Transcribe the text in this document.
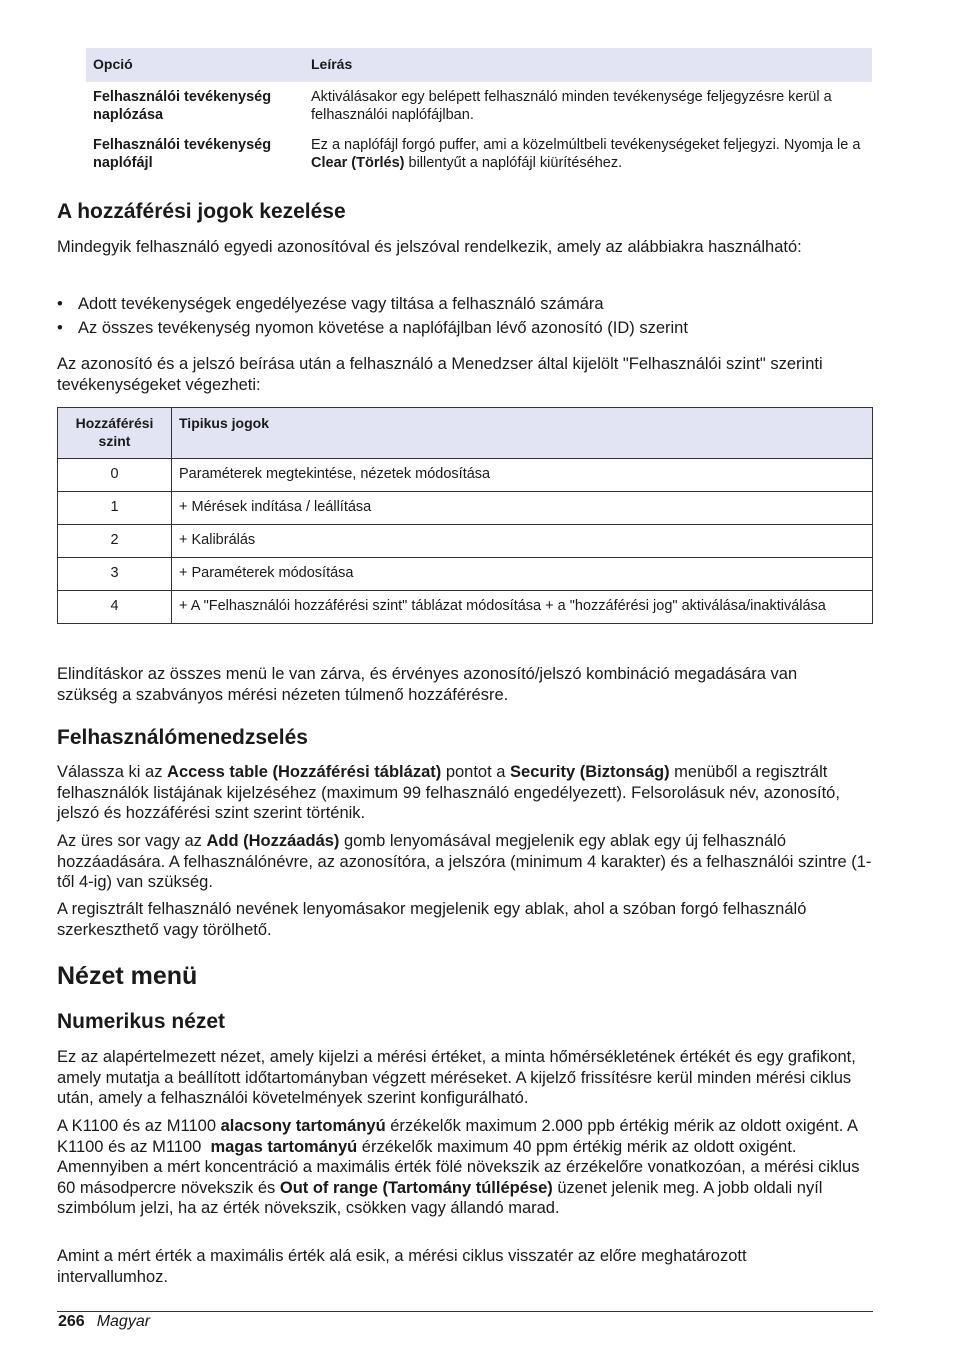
Opció	Leírás
Felhasználói tevékenység naplózása	Aktiválásakor egy belépett felhasználó minden tevékenysége feljegyzésre kerül a felhasználói naplófájlban.
Felhasználói tevékenység naplófájl	Ez a naplófájl forgó puffer, ami a közelmúltbeli tevékenységeket feljegyzi. Nyomja le a Clear (Törlés) billentyűt a naplófájl kiürítéséhez.
A hozzáférési jogok kezelése

Mindegyik felhasználó egyedi azonosítóval és jelszóval rendelkezik, amely az alábbiakra használható:

• Adott tevékenységek engedélyezése vagy tiltása a felhasználó számára
• Az összes tevékenység nyomon követése a naplófájlban lévő azonosító (ID) szerint

Az azonosító és a jelszó beírása után a felhasználó a Menedzser által kijelölt "Felhasználói szint" szerinti tevékenységeket végezheti:

Hozzáférési szint	Tipikus jogok
0	Paraméterek megtekintése, nézetek módosítása
1	+ Mérések indítása / leállítása
2	+ Kalibrálás
3	+ Paraméterek módosítása
4	+ A "Felhasználói hozzáférési szint" táblázat módosítása + a "hozzáférési jog" aktiválása/inaktiválása

Elindításkor az összes menü le van zárva, és érvényes azonosító/jelszó kombináció megadására van szükség a szabványos mérési nézeten túlmenő hozzáférésre.

Felhasználómenedzselés

Válassza ki az Access table (Hozzáférési táblázat) pontot a Security (Biztonság) menüből a regisztrált felhasználók listájának kijelzéséhez (maximum 99 felhasználó engedélyezett). Felsorolásuk név, azonosító, jelszó és hozzáférési szint szerint történik.

Az üres sor vagy az Add (Hozzáadás) gomb lenyomásával megjelenik egy ablak egy új felhasználó hozzáadására. A felhasználónévre, az azonosítóra, a jelszóra (minimum 4 karakter) és a felhasználói szintre (1-től 4-ig) van szükség.

A regisztrált felhasználó nevének lenyomásakor megjelenik egy ablak, ahol a szóban forgó felhasználó szerkeszthető vagy törölhető.

Nézet menü
Numerikus nézet

Ez az alapértelmezett nézet, amely kijelzi a mérési értéket, a minta hőmérsékletének értékét és egy grafikont, amely mutatja a beállított időtartományban végzett méréseket. A kijelző frissítésre kerül minden mérési ciklus után, amely a felhasználói követelmények szerint konfigurálható.

A K1100 és az M1100 alacsony tartományú érzékelők maximum 2.000 ppb értékig mérik az oldott oxigént. A K1100 és az M1100  magas tartományú érzékelők maximum 40 ppm értékig mérik az oldott oxigént. Amennyiben a mért koncentráció a maximális érték fölé növekszik az érzékelőre vonatkozóan, a mérési ciklus 60 másodpercre növekszik és Out of range (Tartomány túllépése) üzenet jelenik meg. A jobb oldali nyíl szimbólum jelzi, ha az érték növekszik, csökken vagy állandó marad.

Amint a mért érték a maximális érték alá esik, a mérési ciklus visszatér az előre meghatározott intervallumhoz.

266 Magyar
